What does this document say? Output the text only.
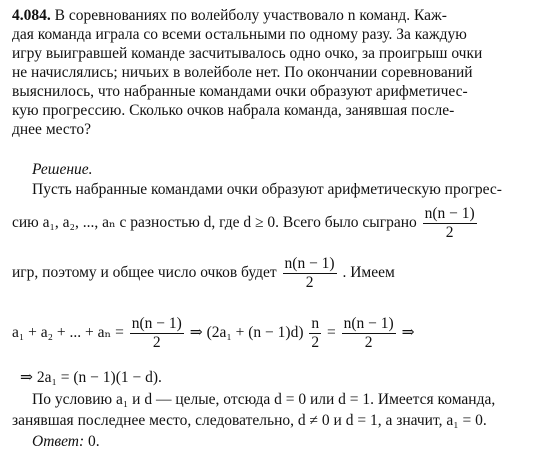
4.084. В соревнованиях по волейболу участвовало n команд. Каж-
дая команда играла со всеми остальными по одному разу. За каждую
игру выигравшей команде засчитывалось одно очко, за проигрыш очки
не начислялись; ничьих в волейболе нет. По окончании соревнований
выяснилось, что набранные командами очки образуют арифметичес-
кую прогрессию. Сколько очков набрала команда, занявшая после-
днее место?
Решение.
Пусть набранные командами очки образуют арифметическую прогрес-
сию a₁, a₂, ..., aₙ с разностью d, где d ≥ 0. Всего было сыграно $\frac{n(n - 1)}{2}$
игр, поэтому и общее число очков будет $\frac{n(n - 1)}{2}$ . Имеем
a₁ + a₂ + ... + $a_n = \frac{n(n - 1)}{2}$ ⇒ $(2a_1 + (n - 1)d) \frac{n}{2} = \frac{n(n - 1)}{2}$ ⇒
⇒ 2a₁ = (n − 1)(1 − d).
По условию a₁ и d — целые, отсюда d = 0 или d = 1. Имеется команда,
занявшая последнее место, следовательно, d ≠ 0 и d = 1, а значит, a₁ = 0.
Ответ: 0.
